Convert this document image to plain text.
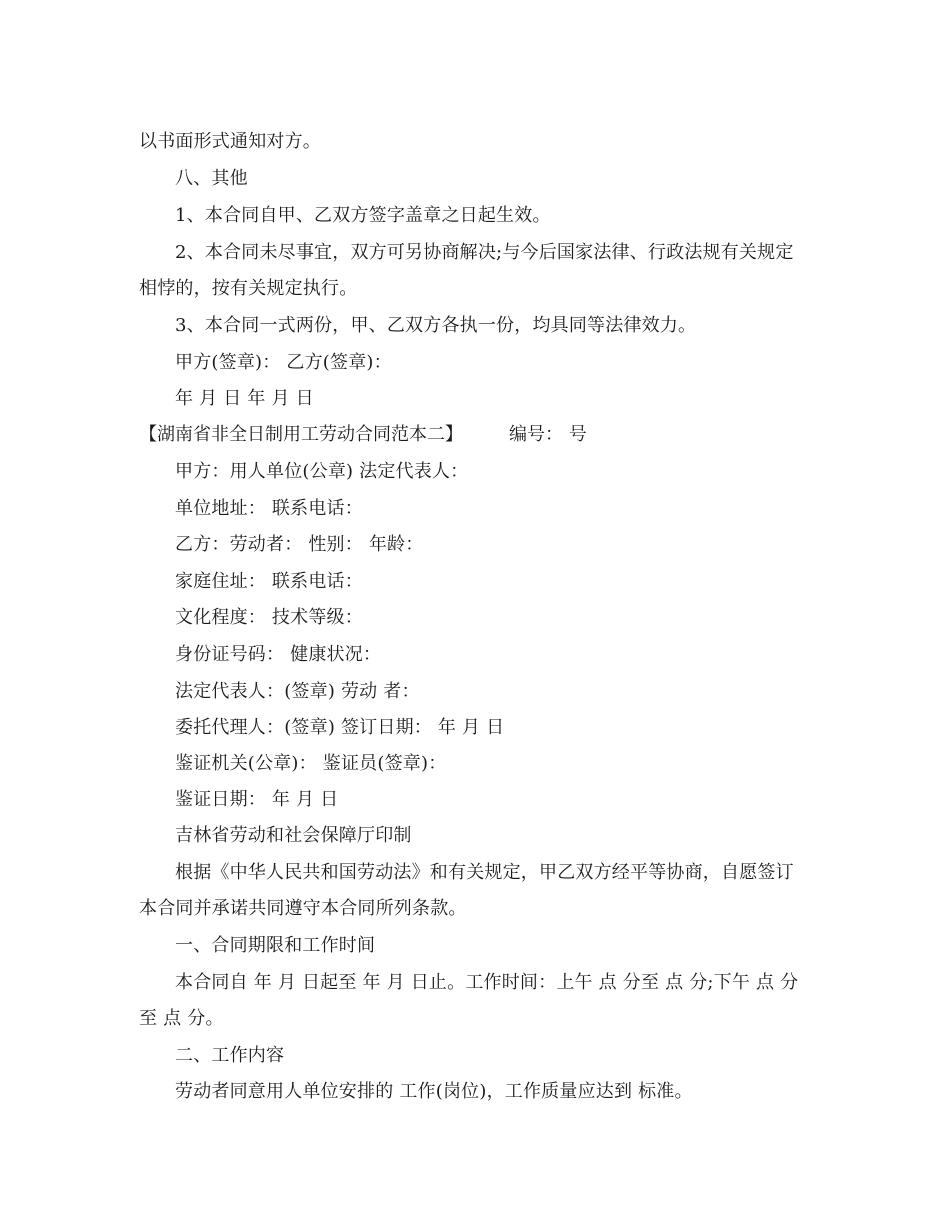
以书面形式通知对方。
八、其他
1、本合同自甲、乙双方签字盖章之日起生效。
2、本合同未尽事宜，双方可另协商解决;与今后国家法律、行政法规有关规定
相悖的，按有关规定执行。
3、本合同一式两份，甲、乙双方各执一份，均具同等法律效力。
甲方(签章)： 乙方(签章)：
年 月 日 年 月 日
【湖南省非全日制用工劳动合同范本二】	编号： 号
甲方：用人单位(公章) 法定代表人：
单位地址： 联系电话：
乙方：劳动者： 性别： 年龄：
家庭住址： 联系电话：
文化程度： 技术等级：
身份证号码： 健康状况：
法定代表人：(签章) 劳动 者：
委托代理人：(签章) 签订日期： 年 月 日
鉴证机关(公章)： 鉴证员(签章)：
鉴证日期： 年 月 日
吉林省劳动和社会保障厅印制
根据《中华人民共和国劳动法》和有关规定，甲乙双方经平等协商，自愿签订
本合同并承诺共同遵守本合同所列条款。
一、合同期限和工作时间
本合同自 年 月 日起至 年 月 日止。工作时间：上午 点 分至 点 分;下午 点 分
至 点 分。
二、工作内容
劳动者同意用人单位安排的 工作(岗位)，工作质量应达到 标准。
